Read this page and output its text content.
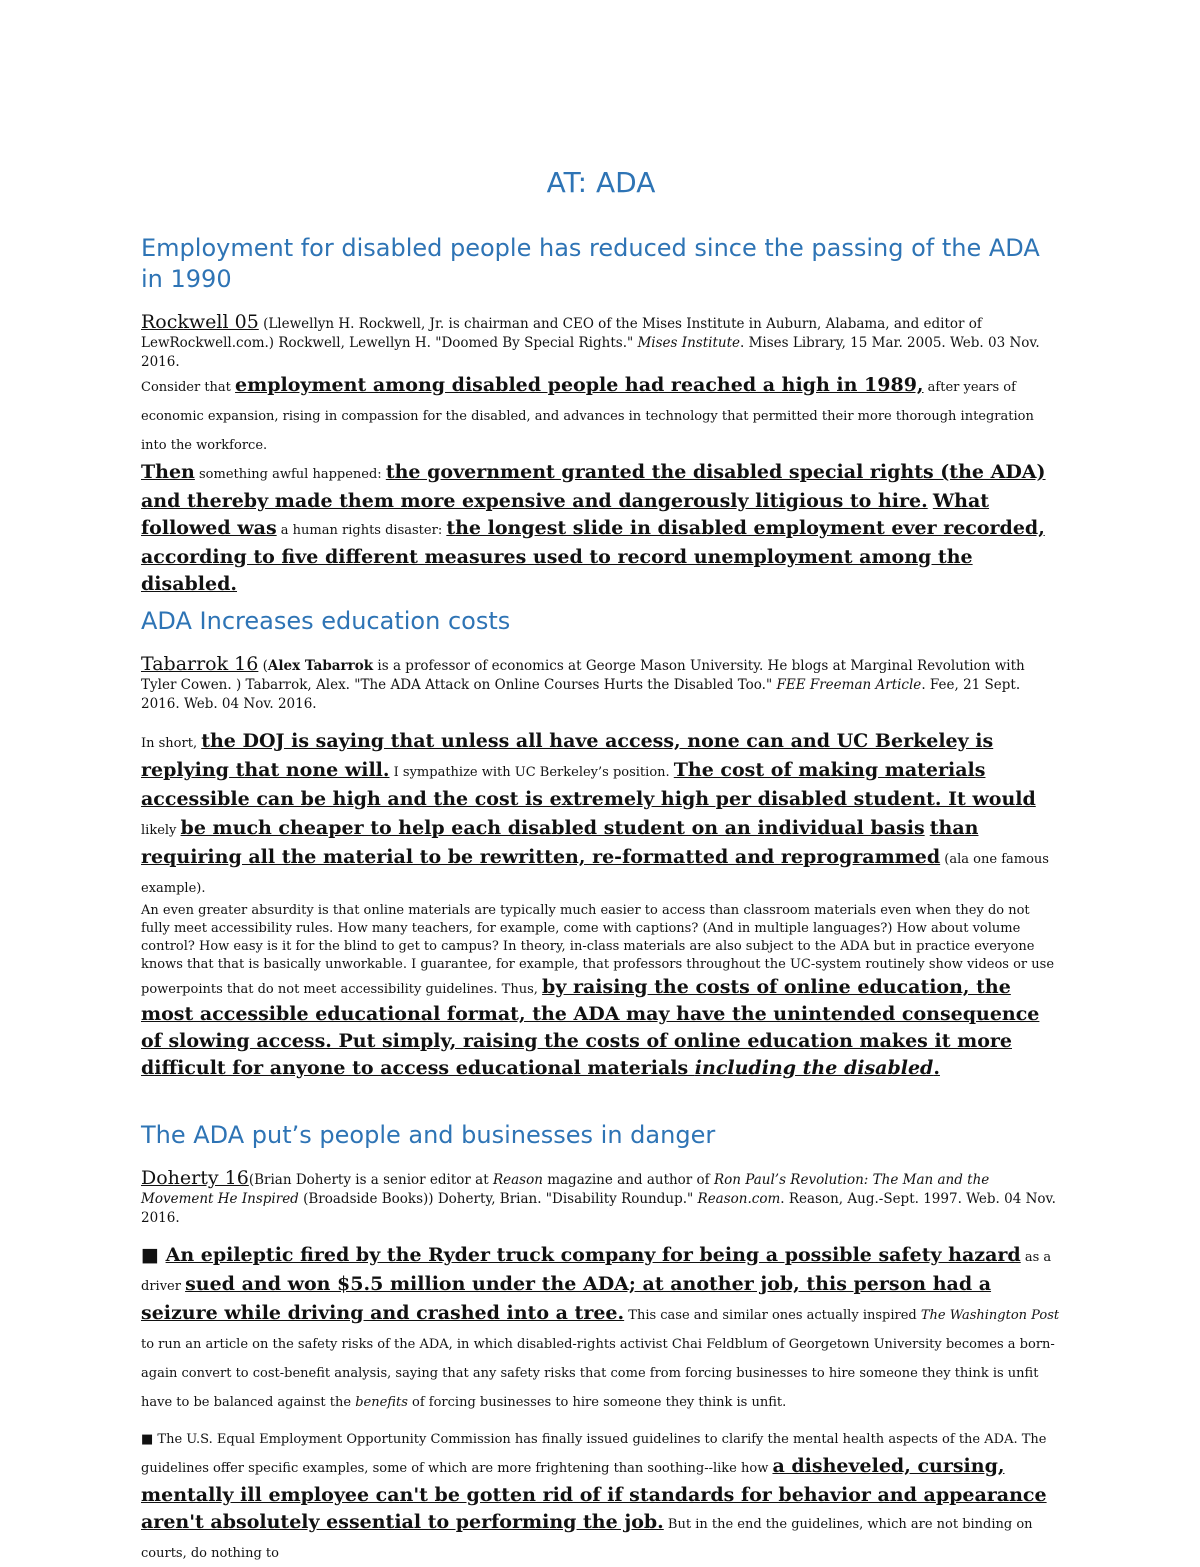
AT: ADA
Employment for disabled people has reduced since the passing of the ADA in 1990

Rockwell 05 (Llewellyn H. Rockwell, Jr. is chairman and CEO of the Mises Institute in Auburn, Alabama, and editor of LewRockwell.com.) Rockwell, Lewellyn H. "Doomed By Special Rights." Mises Institute. Mises Library, 15 Mar. 2005. Web. 03 Nov. 2016.

Consider that employment among disabled people had reached a high in 1989, after years of economic expansion, rising in compassion for the disabled, and advances in technology that permitted their more thorough integration into the workforce.

Then something awful happened: the government granted the disabled special rights (the ADA) and thereby made them more expensive and dangerously litigious to hire. What followed was a human rights disaster: the longest slide in disabled employment ever recorded, according to five different measures used to record unemployment among the disabled.

ADA Increases education costs

Tabarrok 16 (Alex Tabarrok is a professor of economics at George Mason University. He blogs at Marginal Revolution with Tyler Cowen. ) Tabarrok, Alex. "The ADA Attack on Online Courses Hurts the Disabled Too." FEE Freeman Article. Fee, 21 Sept. 2016. Web. 04 Nov. 2016.

In short, the DOJ is saying that unless all have access, none can and UC Berkeley is replying that none will. I sympathize with UC Berkeley’s position. The cost of making materials accessible can be high and the cost is extremely high per disabled student. It would likely be much cheaper to help each disabled student on an individual basis than requiring all the material to be rewritten, re-formatted and reprogrammed (ala one famous example).

An even greater absurdity is that online materials are typically much easier to access than classroom materials even when they do not fully meet accessibility rules. How many teachers, for example, come with captions? (And in multiple languages?) How about volume control? How easy is it for the blind to get to campus? In theory, in-class materials are also subject to the ADA but in practice everyone knows that that is basically unworkable. I guarantee, for example, that professors throughout the UC-system routinely show videos or use powerpoints that do not meet accessibility guidelines. Thus, by raising the costs of online education, the most accessible educational format, the ADA may have the unintended consequence of slowing access. Put simply, raising the costs of online education makes it more difficult for anyone to access educational materials including the disabled.

The ADA put’s people and businesses in danger

Doherty 16(Brian Doherty is a senior editor at Reason magazine and author of Ron Paul’s Revolution: The Man and the Movement He Inspired (Broadside Books)) Doherty, Brian. "Disability Roundup." Reason.com. Reason, Aug.-Sept. 1997. Web. 04 Nov. 2016.

■ An epileptic fired by the Ryder truck company for being a possible safety hazard as a driver sued and won $5.5 million under the ADA; at another job, this person had a seizure while driving and crashed into a tree. This case and similar ones actually inspired The Washington Post to run an article on the safety risks of the ADA, in which disabled-rights activist Chai Feldblum of Georgetown University becomes a born-again convert to cost-benefit analysis, saying that any safety risks that come from forcing businesses to hire someone they think is unfit have to be balanced against the benefits of forcing businesses to hire someone they think is unfit.

■ The U.S. Equal Employment Opportunity Commission has finally issued guidelines to clarify the mental health aspects of the ADA. The guidelines offer specific examples, some of which are more frightening than soothing--like how a disheveled, cursing, mentally ill employee can't be gotten rid of if standards for behavior and appearance aren't absolutely essential to performing the job. But in the end the guidelines, which are not binding on courts, do nothing to
